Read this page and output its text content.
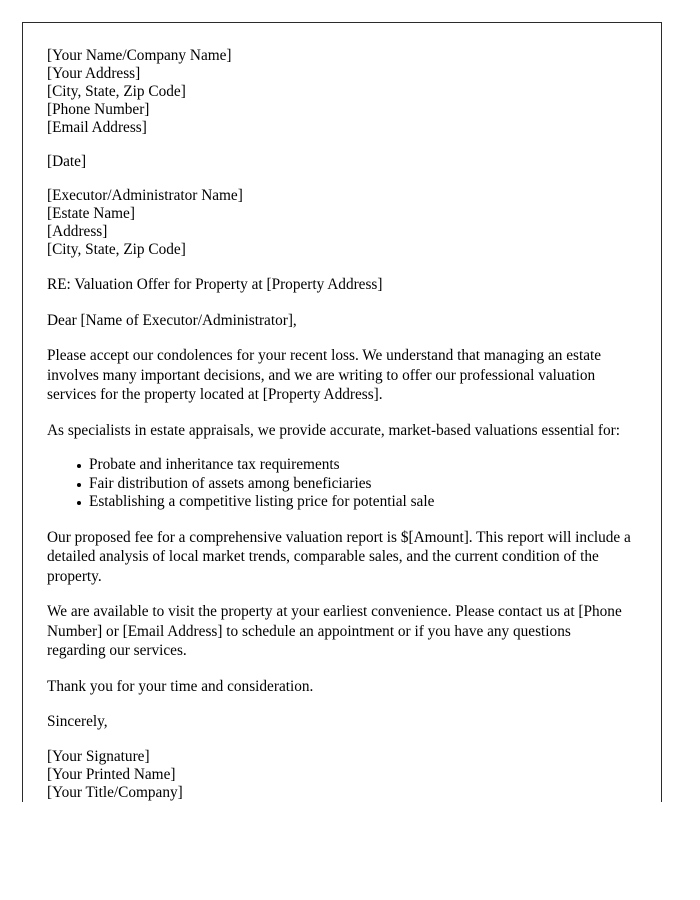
[Your Name/Company Name]
[Your Address]
[City, State, Zip Code]
[Phone Number]
[Email Address]
[Date]
[Executor/Administrator Name]
[Estate Name]
[Address]
[City, State, Zip Code]

RE: Valuation Offer for Property at [Property Address]

Dear [Name of Executor/Administrator],

Please accept our condolences for your recent loss. We understand that managing an estate involves many important decisions, and we are writing to offer our professional valuation services for the property located at [Property Address].

As specialists in estate appraisals, we provide accurate, market-based valuations essential for:

Probate and inheritance tax requirements
Fair distribution of assets among beneficiaries
Establishing a competitive listing price for potential sale

Our proposed fee for a comprehensive valuation report is $[Amount]. This report will include a detailed analysis of local market trends, comparable sales, and the current condition of the property.

We are available to visit the property at your earliest convenience. Please contact us at [Phone Number] or [Email Address] to schedule an appointment or if you have any questions regarding our services.

Thank you for your time and consideration.

Sincerely,

[Your Signature]
[Your Printed Name]
[Your Title/Company]
